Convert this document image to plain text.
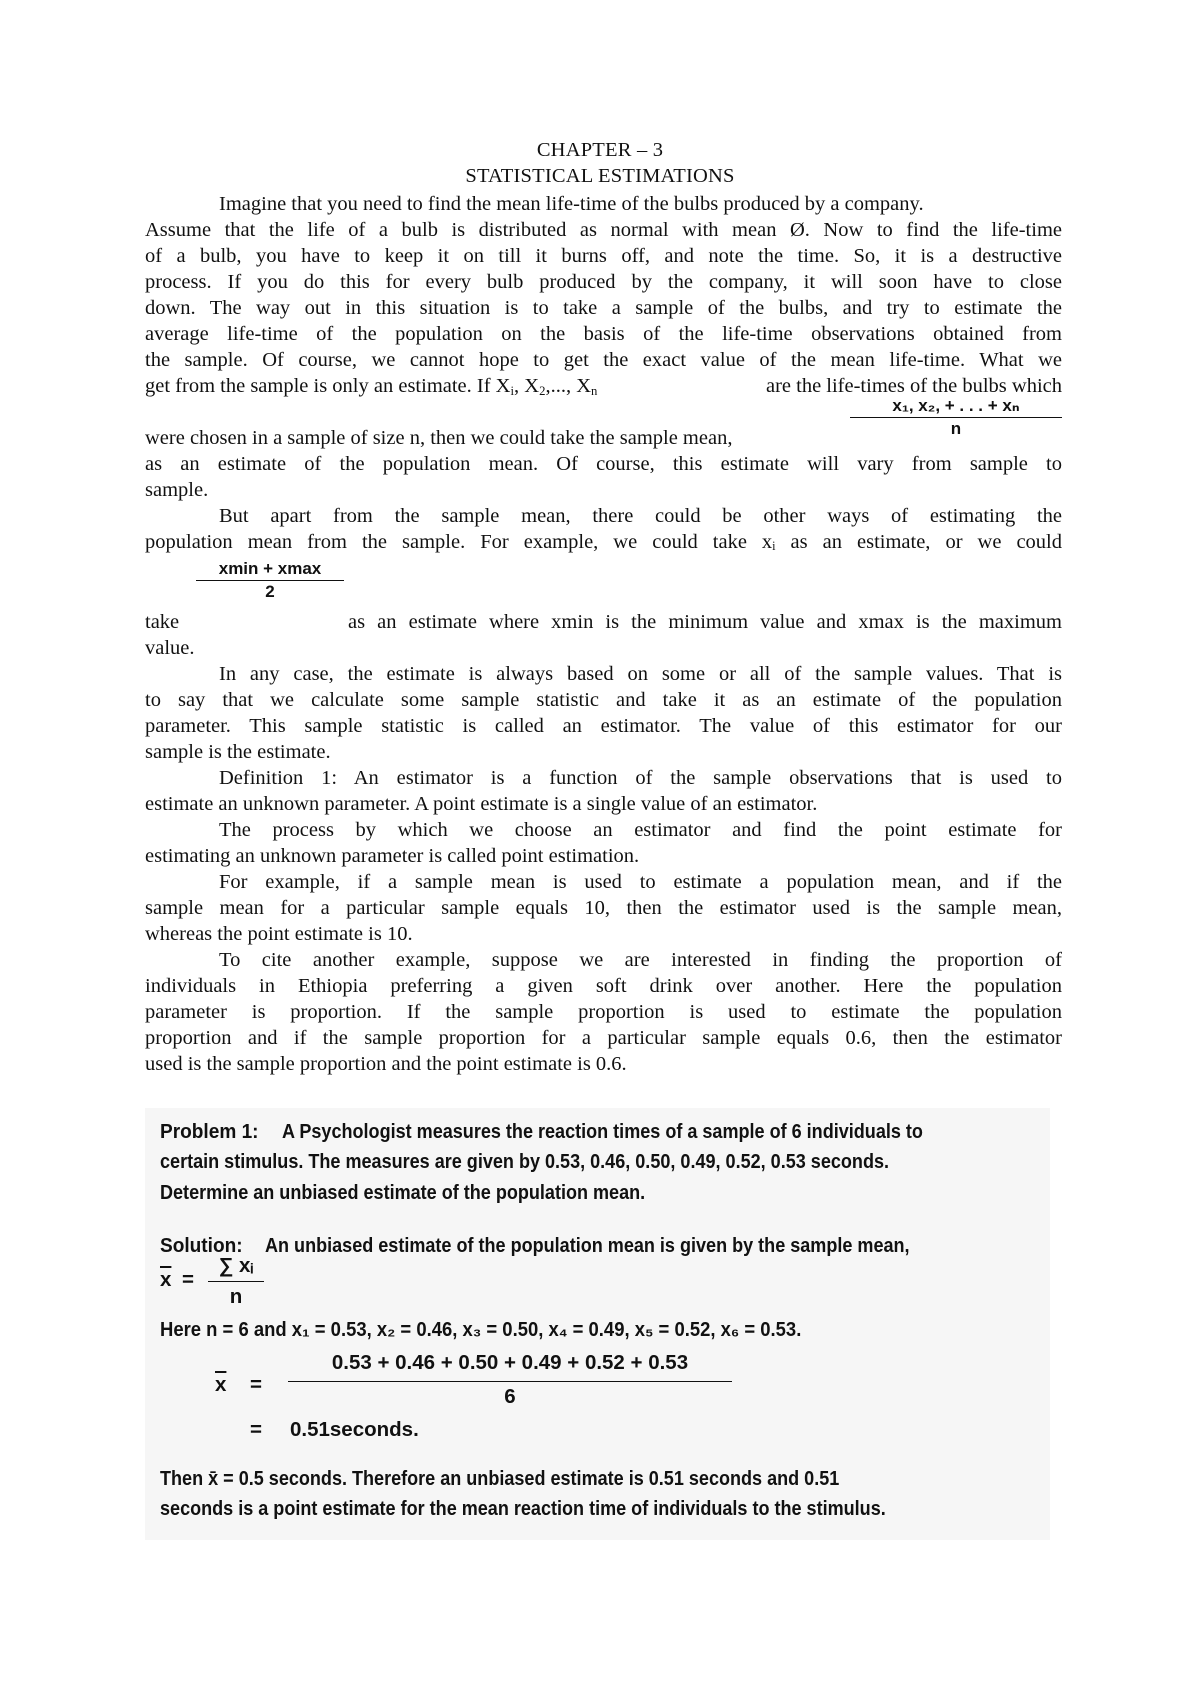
CHAPTER – 3
STATISTICAL ESTIMATIONS
Imagine that you need to find the mean life-time of the bulbs produced by a company.
Assume that the life of a bulb is distributed as normal with mean Ø. Now to find the life-time
of a bulb, you have to keep it on till it burns off, and note the time. So, it is a destructive
process. If you do this for every bulb produced by the company, it will soon have to close
down. The way out in this situation is to take a sample of the bulbs, and try to estimate the
average life-time of the population on the basis of the life-time observations obtained from
the sample. Of course, we cannot hope to get the exact value of the mean life-time. What we
get from the sample is only an estimate. If $X_i$, $X_2$,..., $X_n$	are the life-times of the bulbs which
x₁, x₂, + . . . + xₙ
n
were chosen in a sample of size n, then we could take the sample mean,
as an estimate of the population mean. Of course, this estimate will vary from sample to
sample.
But apart from the sample mean, there could be other ways of estimating the
population mean from the sample. For example, we could take xᵢ as an estimate, or we could
xmin + xmax
2
take	as an estimate where xmin is the minimum value and xmax is the maximum
value.
In any case, the estimate is always based on some or all of the sample values. That is
to say that we calculate some sample statistic and take it as an estimate of the population
parameter. This sample statistic is called an estimator. The value of this estimator for our
sample is the estimate.
Definition 1: An estimator is a function of the sample observations that is used to
estimate an unknown parameter. A point estimate is a single value of an estimator.
The process by which we choose an estimator and find the point estimate for
estimating an unknown parameter is called point estimation.
For example, if a sample mean is used to estimate a population mean, and if the
sample mean for a particular sample equals 10, then the estimator used is the sample mean,
whereas the point estimate is 10.
To cite another example, suppose we are interested in finding the proportion of
individuals in Ethiopia preferring a given soft drink over another. Here the population
parameter is proportion. If the sample proportion is used to estimate the population
proportion and if the sample proportion for a particular sample equals 0.6, then the estimator
used is the sample proportion and the point estimate is 0.6.
Problem 1: A Psychologist measures the reaction times of a sample of 6 individuals to
certain stimulus. The measures are given by 0.53, 0.46, 0.50, 0.49, 0.52, 0.53 seconds.
Determine an unbiased estimate of the population mean.
Solution: An unbiased estimate of the population mean is given by the sample mean,
$\overline{x}$ =
∑ xᵢ
n
Here n = 6 and x₁ = 0.53, x₂ = 0.46, x₃ = 0.50, x₄ = 0.49, x₅ = 0.52, x₆ = 0.53.
$\overline{x}$ =
0.53 + 0.46 + 0.50 + 0.49 + 0.52 + 0.53
6
= 0.51seconds.
Then x̄ = 0.5 seconds. Therefore an unbiased estimate is 0.51 seconds and 0.51
seconds is a point estimate for the mean reaction time of individuals to the stimulus.
